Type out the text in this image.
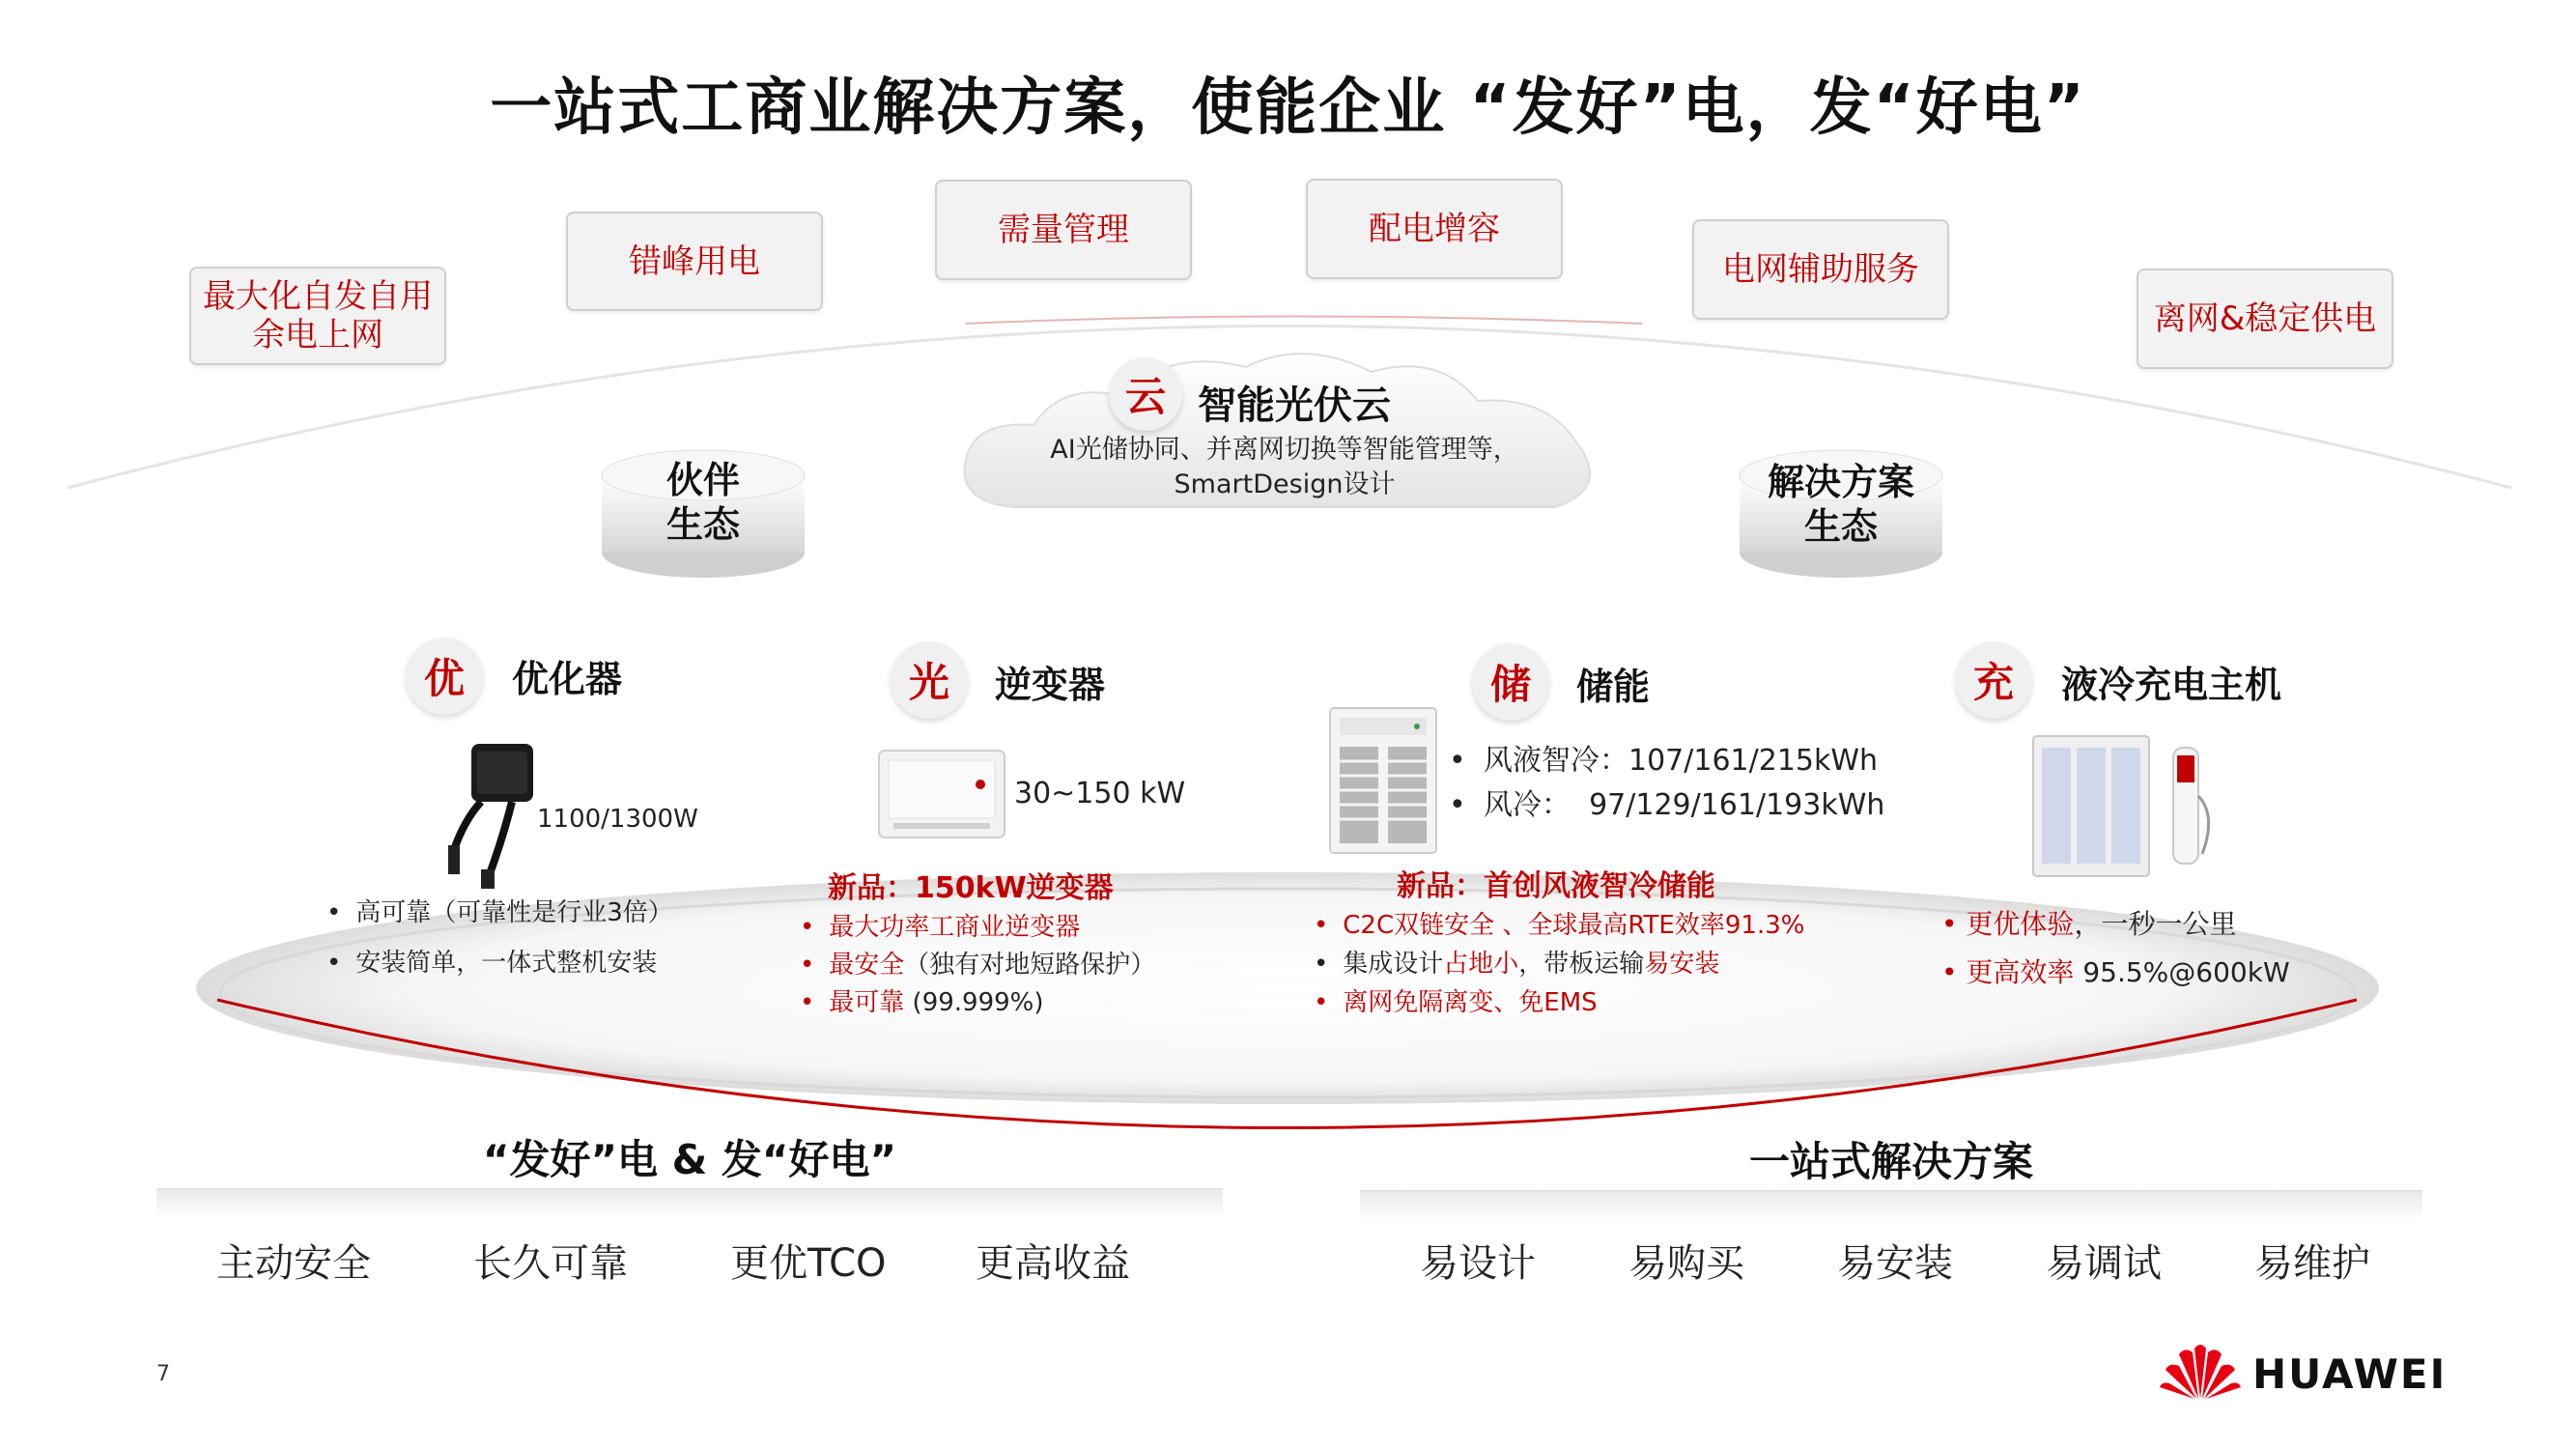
一站式工商业解决方案，使能企业 “发好”电，发“好电”
最大化自发自用
余电上网
错峰用电
需量管理	配电增容
电网辅助服务
离网&稳定供电
云 智能光伏云
AI光储协同、并离网切换等智能管理等，
SmartDesign设计
伙伴
生态
解决方案
生态
优	优化器
1100/1300W
• 高可靠（可靠性是行业3倍）
• 安装简单，一体式整机安装
光	逆变器
30~150 kW
新品：150kW逆变器
• 最大功率工商业逆变器
• 最安全（独有对地短路保护）
• 最可靠 (99.999%)
储	储能
• 风液智冷：107/161/215kWh
• 风冷：  97/129/161/193kWh
新品：首创风液智冷储能
• C2C双链安全 、全球最高RTE效率91.3%
• 集成设计占地小，带板运输易安装
• 离网免隔离变、免EMS
充	液冷充电主机
• 更优体验，一秒一公里
• 更高效率 95.5%@600kW
“发好”电 & 发“好电”
主动安全	长久可靠	更优TCO 更高收益
一站式解决方案
易设计 易购买 易安装 易调试 易维护
7	HUAWEI
